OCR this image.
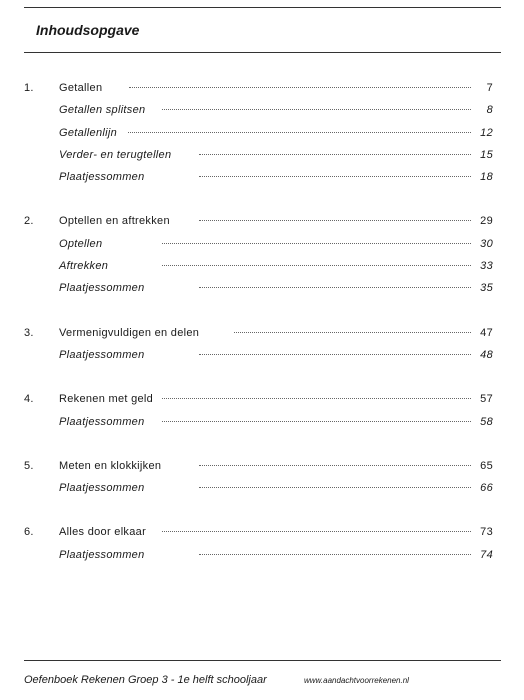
Inhoudsopgave
1.	Getallen	7
Getallen splitsen	8
Getallenlijn	12
Verder- en terugtellen	15
Plaatjessommen	18
2.	Optellen en aftrekken	29
Optellen	30
Aftrekken	33
Plaatjessommen	35
3.	Vermenigvuldigen en delen	47
Plaatjessommen	48
4.	Rekenen met geld	57
Plaatjessommen	58
5.	Meten en klokkijken	65
Plaatjessommen	66
6.	Alles door elkaar	73
Plaatjessommen	74
Oefenboek Rekenen Groep 3 - 1e helft schooljaar	www.aandachtvoorrekenen.nl
